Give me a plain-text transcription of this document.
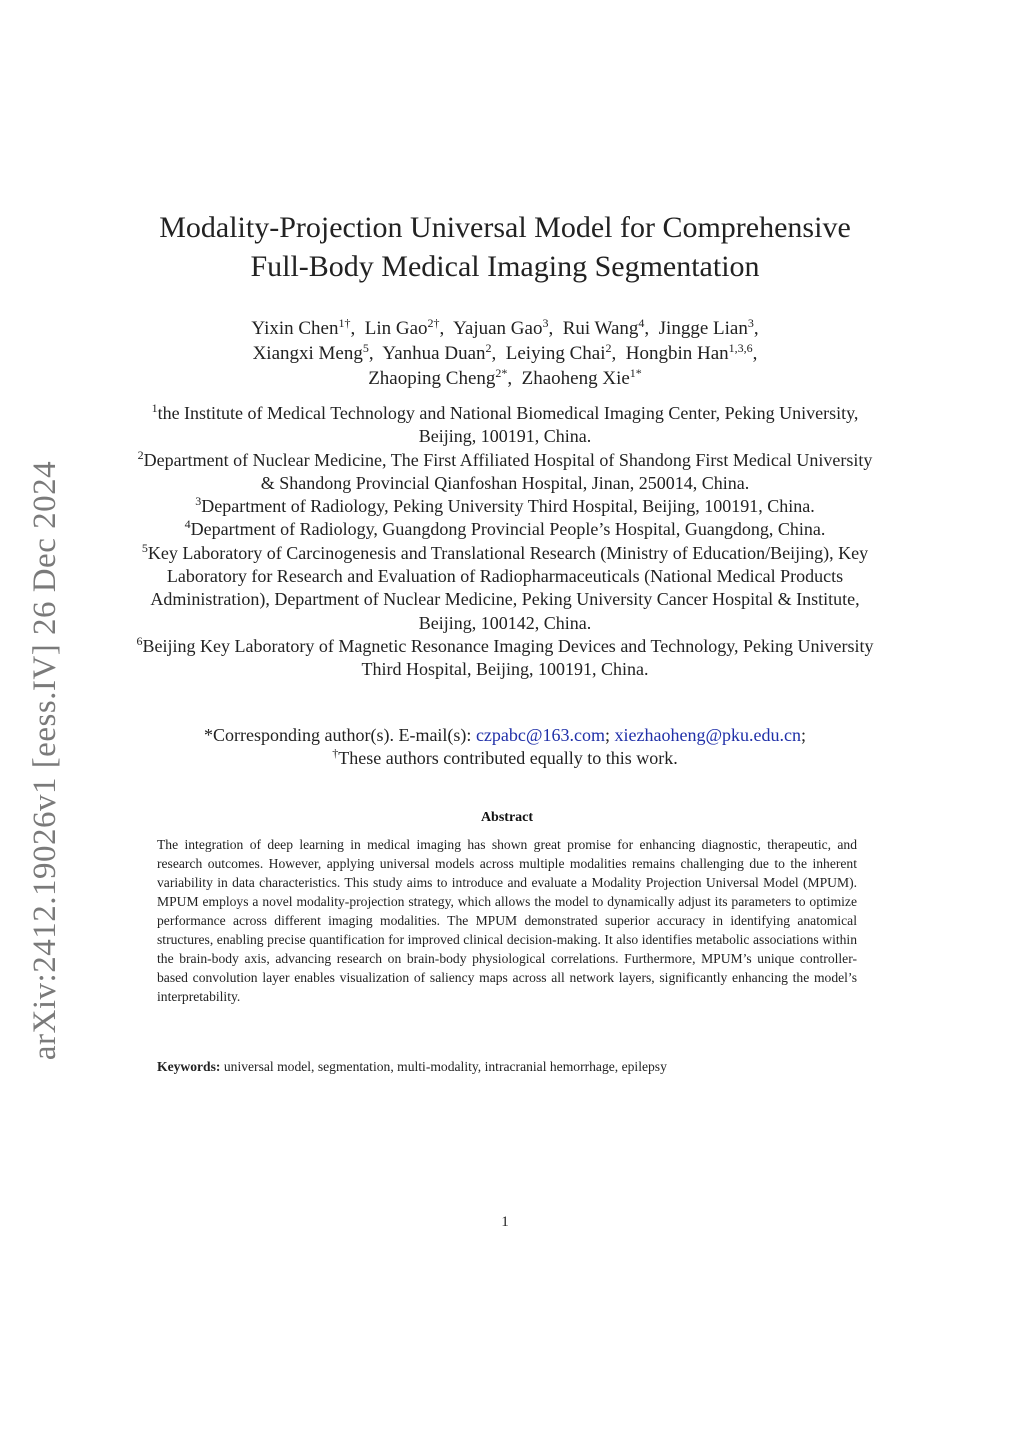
arXiv:2412.19026v1 [eess.IV] 26 Dec 2024
Modality-Projection Universal Model for Comprehensive
Full-Body Medical Imaging Segmentation
Yixin Chen$^{1\dagger}$,  Lin Gao$^{2\dagger}$,  Yajuan Gao$^3$,  Rui Wang$^4$,  Jingge Lian$^3$,
Xiangxi Meng$^5$,  Yanhua Duan$^2$,  Leiying Chai$^2$,  Hongbin Han$^{1,3,6}$,
Zhaoping Cheng$^{2*}$,  Zhaoheng Xie$^{1*}$
$^1$the Institute of Medical Technology and National Biomedical Imaging Center, Peking University, Beijing, 100191, China.
$^2$Department of Nuclear Medicine, The First Affiliated Hospital of Shandong First Medical University & Shandong Provincial Qianfoshan Hospital, Jinan, 250014, China.
$^3$Department of Radiology, Peking University Third Hospital, Beijing, 100191, China.
$^4$Department of Radiology, Guangdong Provincial People’s Hospital, Guangdong, China.
$^5$Key Laboratory of Carcinogenesis and Translational Research (Ministry of Education/Beijing), Key Laboratory for Research and Evaluation of Radiopharmaceuticals (National Medical Products Administration), Department of Nuclear Medicine, Peking University Cancer Hospital & Institute, Beijing, 100142, China.
$^6$Beijing Key Laboratory of Magnetic Resonance Imaging Devices and Technology, Peking University Third Hospital, Beijing, 100191, China.
*Corresponding author(s). E-mail(s): czpabc@163.com; xiezhaoheng@pku.edu.cn;
†These authors contributed equally to this work.
Abstract
The integration of deep learning in medical imaging has shown great promise for enhancing diagnostic, therapeutic, and research outcomes. However, applying universal models across multiple modalities remains challenging due to the inherent variability in data characteristics. This study aims to introduce and evaluate a Modality Projection Universal Model (MPUM). MPUM employs a novel modality-projection strategy, which allows the model to dynamically adjust its parameters to optimize performance across different imaging modalities. The MPUM demonstrated superior accuracy in identifying anatomical structures, enabling precise quantification for improved clinical decision-making. It also identifies metabolic associations within the brain-body axis, advancing research on brain-body physiological correlations. Furthermore, MPUM’s unique controller-based convolution layer enables visualization of saliency maps across all network layers, significantly enhancing the model’s interpretability.
Keywords: universal model, segmentation, multi-modality, intracranial hemorrhage, epilepsy
1
